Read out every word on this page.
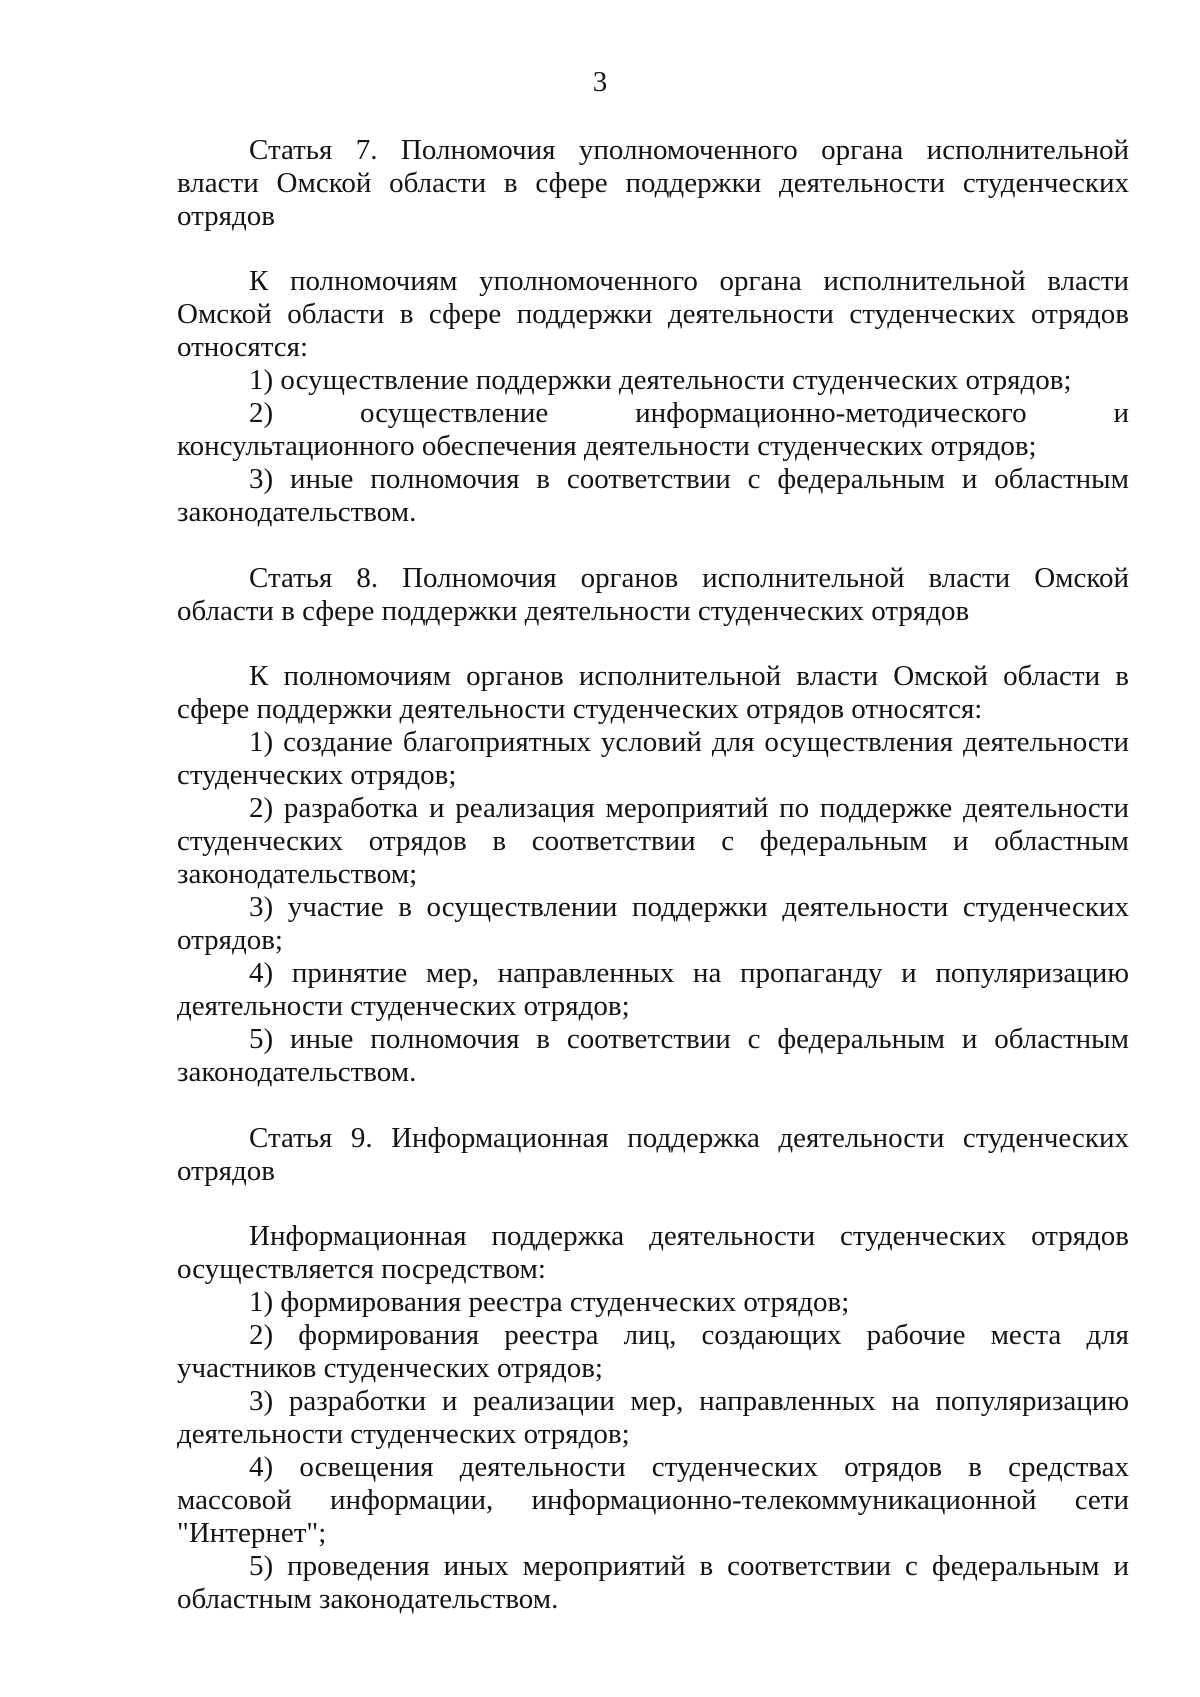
3

Статья 7. Полномочия уполномоченного органа исполнительной власти Омской области в сфере поддержки деятельности студенческих отрядов

К полномочиям уполномоченного органа исполнительной власти Омской области в сфере поддержки деятельности студенческих отрядов относятся:

1) осуществление поддержки деятельности студенческих отрядов;

2) осуществление информационно-методического и консультационного обеспечения деятельности студенческих отрядов;

3) иные полномочия в соответствии с федеральным и областным законодательством.

Статья 8. Полномочия органов исполнительной власти Омской области в сфере поддержки деятельности студенческих отрядов

К полномочиям органов исполнительной власти Омской области в сфере поддержки деятельности студенческих отрядов относятся:

1) создание благоприятных условий для осуществления деятельности студенческих отрядов;

2) разработка и реализация мероприятий по поддержке деятельности студенческих отрядов в соответствии с федеральным и областным законодательством;

3) участие в осуществлении поддержки деятельности студенческих отрядов;

4) принятие мер, направленных на пропаганду и популяризацию деятельности студенческих отрядов;

5) иные полномочия в соответствии с федеральным и областным законодательством.

Статья 9. Информационная поддержка деятельности студенческих отрядов

Информационная поддержка деятельности студенческих отрядов осуществляется посредством:

1) формирования реестра студенческих отрядов;

2) формирования реестра лиц, создающих рабочие места для участников студенческих отрядов;

3) разработки и реализации мер, направленных на популяризацию деятельности студенческих отрядов;

4) освещения деятельности студенческих отрядов в средствах массовой информации, информационно-телекоммуникационной сети "Интернет";

5) проведения иных мероприятий в соответствии с федеральным и областным законодательством.
